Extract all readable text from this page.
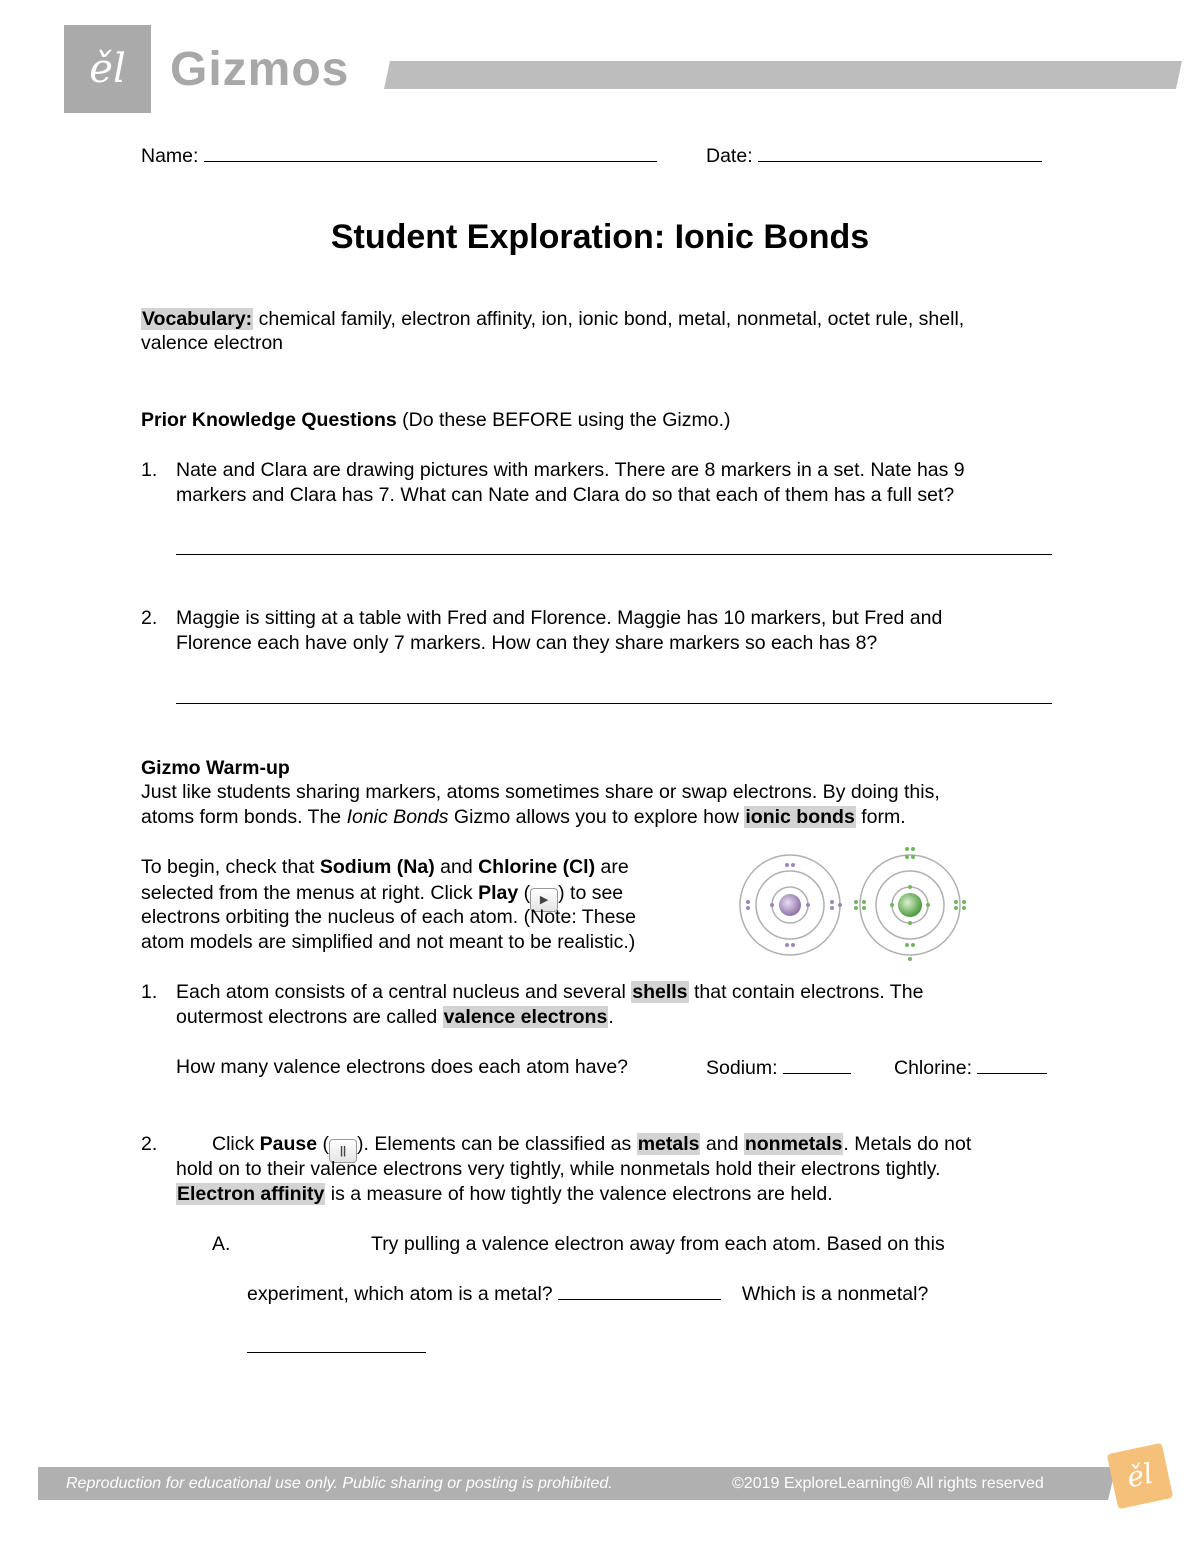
ěl Gizmos
Name:	Date:
Student Exploration: Ionic Bonds
Vocabulary: chemical family, electron affinity, ion, ionic bond, metal, nonmetal, octet rule, shell,
valence electron
Prior Knowledge Questions (Do these BEFORE using the Gizmo.)
1. Nate and Clara are drawing pictures with markers. There are 8 markers in a set. Nate has 9
markers and Clara has 7. What can Nate and Clara do so that each of them has a full set?
2. Maggie is sitting at a table with Fred and Florence. Maggie has 10 markers, but Fred and
Florence each have only 7 markers. How can they share markers so each has 8?
Gizmo Warm-up
Just like students sharing markers, atoms sometimes share or swap electrons. By doing this,
atoms form bonds. The Ionic Bonds Gizmo allows you to explore how ionic bonds form.
To begin, check that Sodium (Na) and Chlorine (Cl) are
selected from the menus at right. Click Play ( ▶ ) to see
electrons orbiting the nucleus of each atom. (Note: These
atom models are simplified and not meant to be realistic.)
1. Each atom consists of a central nucleus and several shells that contain electrons. The
outermost electrons are called valence electrons.
How many valence electrons does each atom have?	Sodium:	Chlorine:
2.	Click Pause ( || ). Elements can be classified as metals and nonmetals. Metals do not
hold on to their valence electrons very tightly, while nonmetals hold their electrons tightly.
Electron affinity is a measure of how tightly the valence electrons are held.
A.	Try pulling a valence electron away from each atom. Based on this
experiment, which atom is a metal?	Which is a nonmetal?
Reproduction for educational use only. Public sharing or posting is prohibited.	©2019 ExploreLearning® All rights reserved	ěl
